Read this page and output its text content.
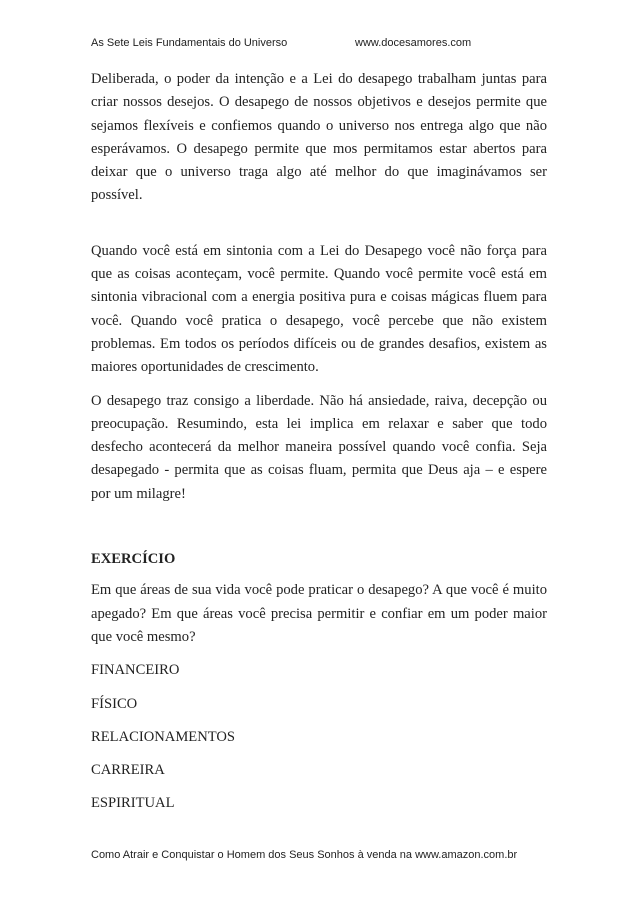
As Sete Leis Fundamentais do Universo	www.docesamores.com

Deliberada, o poder da intenção e a Lei do desapego trabalham juntas para criar nossos desejos. O desapego de nossos objetivos e desejos permite que sejamos flexíveis e confiemos quando o universo nos entrega algo que não esperávamos. O desapego permite que mos permitamos estar abertos para deixar que o universo traga algo até melhor do que imaginávamos ser possível.

Quando você está em sintonia com a Lei do Desapego você não força para que as coisas aconteçam, você permite. Quando você permite você está em sintonia vibracional com a energia positiva pura e coisas mágicas fluem para você. Quando você pratica o desapego, você percebe que não existem problemas. Em todos os períodos difíceis ou de grandes desafios, existem as maiores oportunidades de crescimento.

O desapego traz consigo a liberdade. Não há ansiedade, raiva, decepção ou preocupação. Resumindo, esta lei implica em relaxar e saber que todo desfecho acontecerá da melhor maneira possível quando você confia. Seja desapegado - permita que as coisas fluam, permita que Deus aja – e espere por um milagre!

EXERCÍCIO

Em que áreas de sua vida você pode praticar o desapego? A que você é muito apegado? Em que áreas você precisa permitir e confiar em um poder maior que você mesmo?

FINANCEIRO

FÍSICO

RELACIONAMENTOS

CARREIRA

ESPIRITUAL

Como Atrair e Conquistar o Homem dos Seus Sonhos à venda na www.amazon.com.br
